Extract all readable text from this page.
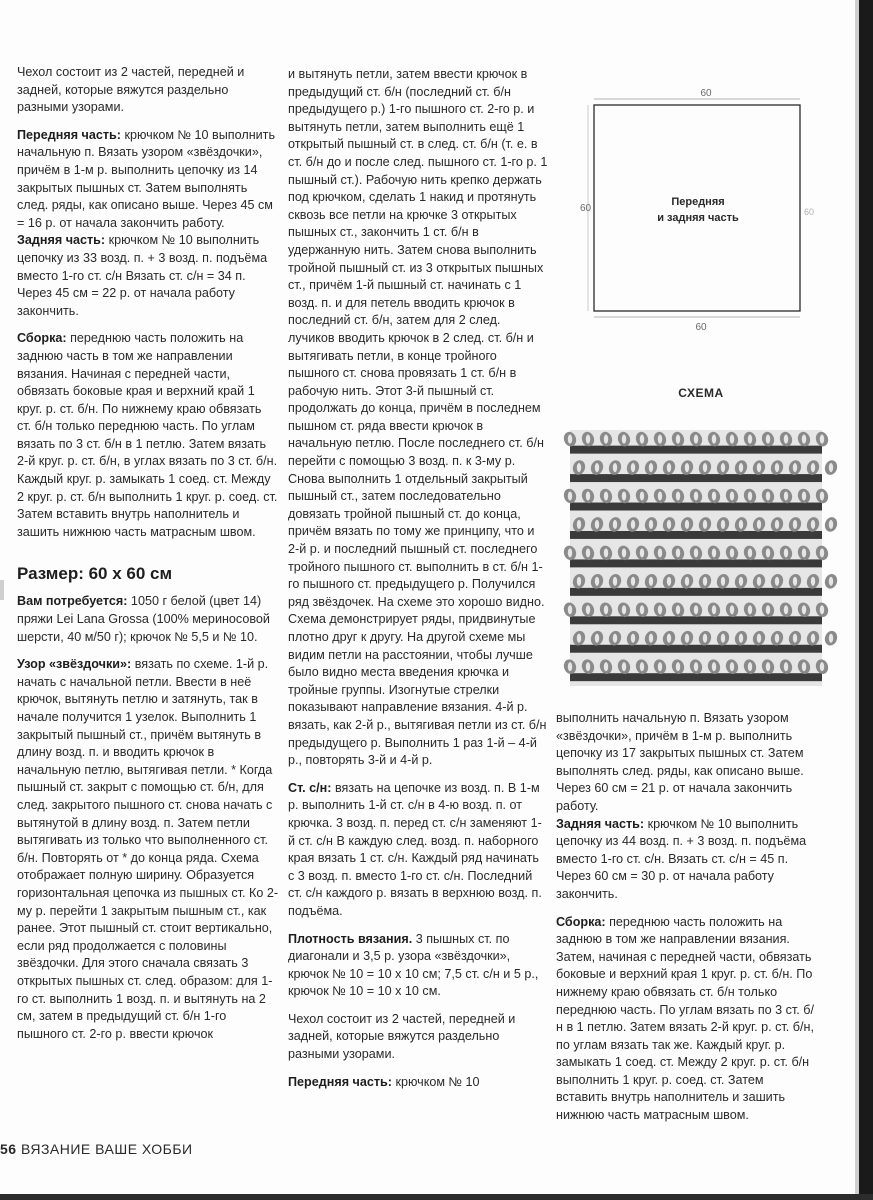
Чехол состоит из 2 частей, передней и задней, которые вяжутся раздельно разными узорами.

Передняя часть: крючком № 10 выполнить начальную п. Вязать узором «звёздочки», причём в 1-м р. выполнить цепочку из 14 закрытых пышных ст. Затем выполнять след. ряды, как описано выше. Через 45 см = 16 р. от начала закончить работу.

Задняя часть: крючком № 10 выполнить цепочку из 33 возд. п. + 3 возд. п. подъёма вместо 1-го ст. с/н Вязать ст. с/н = 34 п. Через 45 см = 22 р. от начала работу закончить.

Сборка: переднюю часть положить на заднюю часть в том же направлении вязания. Начиная с передней части, обвязать боковые края и верхний край 1 круг. р. ст. б/н. По нижнему краю обвязать ст. б/н только переднюю часть. По углам вязать по 3 ст. б/н в 1 петлю. Затем вязать 2-й круг. р. ст. б/н, в углах вязать по 3 ст. б/н. Каждый круг. р. замыкать 1 соед. ст. Между 2 круг. р. ст. б/н выполнить 1 круг. р. соед. ст. Затем вставить внутрь наполнитель и зашить нижнюю часть матрасным швом.

Размер: 60 х 60 см

Вам потребуется: 1050 г белой (цвет 14) пряжи Lei Lana Grossa (100% мериносовой шерсти, 40 м/50 г); крючок № 5,5 и № 10.

Узор «звёздочки»: вязать по схеме. 1-й р. начать с начальной петли. Ввести в неё крючок, вытянуть петлю и затянуть, так в начале получится 1 узелок. Выполнить 1 закрытый пышный ст., причём вытянуть в длину возд. п. и вводить крючок в начальную петлю, вытягивая петли. * Когда пышный ст. закрыт с помощью ст. б/н, для след. закрытого пышного ст. снова начать с вытянутой в длину возд. п. Затем петли вытягивать из только что выполненного ст. б/н. Повторять от * до конца ряда. Схема отображает полную ширину. Образуется горизонтальная цепочка из пышных ст. Ко 2-му р. перейти 1 закрытым пышным ст., как ранее. Этот пышный ст. стоит вертикально, если ряд продолжается с половины звёздочки. Для этого сначала связать 3 открытых пышных ст. след. образом: для 1-го ст. выполнить 1 возд. п. и вытянуть на 2 см, затем в предыдущий ст. б/н 1-го пышного ст. 2-го р. ввести крючок

и вытянуть петли, затем ввести крючок в предыдущий ст. б/н (последний ст. б/н предыдущего р.) 1-го пышного ст. 2-го р. и вытянуть петли, затем выполнить ещё 1 открытый пышный ст. в след. ст. б/н (т. е. в ст. б/н до и после след. пышного ст. 1-го р. 1 пышный ст.). Рабочую нить крепко держать под крючком, сделать 1 накид и протянуть сквозь все петли на крючке 3 открытых пышных ст., закончить 1 ст. б/н в удержанную нить. Затем снова выполнить тройной пышный ст. из 3 открытых пышных ст., причём 1-й пышный ст. начинать с 1 возд. п. и для петель вводить крючок в последний ст. б/н, затем для 2 след. лучиков вводить крючок в 2 след. ст. б/н и вытягивать петли, в конце тройного пышного ст. снова провязать 1 ст. б/н в рабочую нить. Этот 3-й пышный ст. продолжать до конца, причём в последнем пышном ст. ряда ввести крючок в начальную петлю. После последнего ст. б/н перейти с помощью 3 возд. п. к 3-му р. Снова выполнить 1 отдельный закрытый пышный ст., затем последовательно довязать тройной пышный ст. до конца, причём вязать по тому же принципу, что и 2-й р. и последний пышный ст. последнего тройного пышного ст. выполнить в ст. б/н 1-го пышного ст. предыдущего р. Получился ряд звёздочек. На схеме это хорошо видно. Схема демонстрирует ряды, придвинутые плотно друг к другу. На другой схеме мы видим петли на расстоянии, чтобы лучше было видно места введения крючка и тройные группы. Изогнутые стрелки показывают направление вязания. 4-й р. вязать, как 2-й р., вытягивая петли из ст. б/н предыдущего р. Выполнить 1 раз 1-й – 4-й р., повторять 3-й и 4-й р.

Ст. с/н: вязать на цепочке из возд. п. В 1-м р. выполнить 1-й ст. с/н в 4-ю возд. п. от крючка. 3 возд. п. перед ст. с/н заменяют 1-й ст. с/н В каждую след. возд. п. наборного края вязать 1 ст. с/н. Каждый ряд начинать с 3 возд. п. вместо 1-го ст. с/н. Последний ст. с/н каждого р. вязать в верхнюю возд. п. подъёма.

Плотность вязания. 3 пышных ст. по диагонали и 3,5 р. узора «звёздочки», крючок № 10 = 10 х 10 см; 7,5 ст. с/н и 5 р., крючок № 10 = 10 х 10 см.

Чехол состоит из 2 частей, передней и задней, которые вяжутся раздельно разными узорами.

Передняя часть: крючком № 10

выполнить начальную п. Вязать узором «звёздочки», причём в 1-м р. выполнить цепочку из 17 закрытых пышных ст. Затем выполнять след. ряды, как описано выше. Через 60 см = 21 р. от начала закончить работу.

Задняя часть: крючком № 10 выполнить цепочку из 44 возд. п. + 3 возд. п. подъёма вместо 1-го ст. с/н. Вязать ст. с/н = 45 п. Через 60 см = 30 р. от начала работу закончить.

Сборка: переднюю часть положить на заднюю в том же направлении вязания. Затем, начиная с передней части, обвязать боковые и верхний края 1 круг. р. ст. б/н. По нижнему краю обвязать ст. б/н только переднюю часть. По углам вязать по 3 ст. б/н в 1 петлю. Затем вязать 2-й круг. р. ст. б/н, по углам вязать так же. Каждый круг. р. замыкать 1 соед. ст. Между 2 круг. р. ст. б/н выполнить 1 круг. р. соед. ст. Затем вставить внутрь наполнитель и зашить нижнюю часть матрасным швом.

60
60
60	60
Передняя
и задняя часть
СХЕМА
56 ВЯЗАНИЕ ВАШЕ ХОББИ
